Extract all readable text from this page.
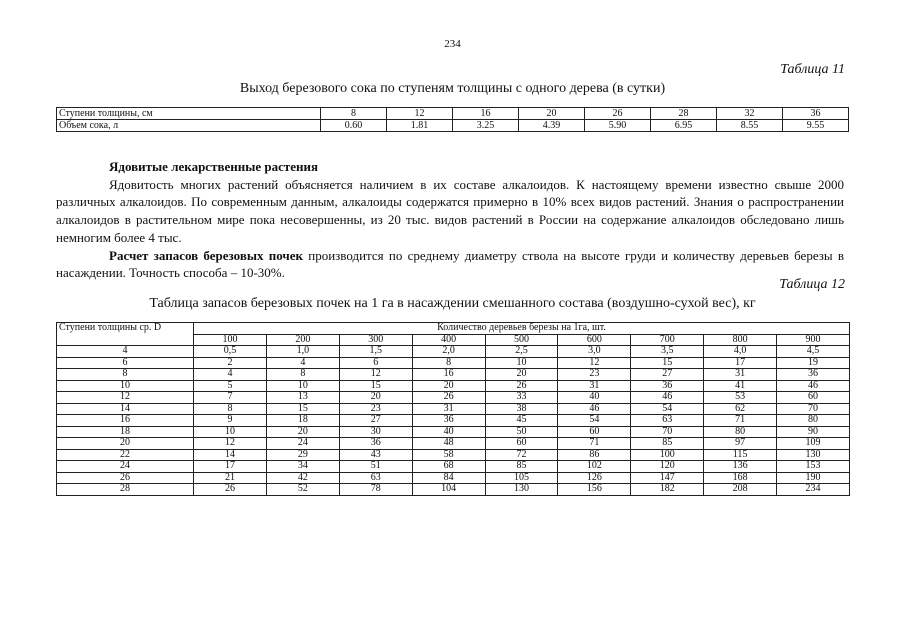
234
Таблица 11
Выход березового сока по ступеням толщины с одного дерева (в сутки)
Ступени толщины, см	8	12	16	20	26	28	32	36
Объем сока, л	0.60	1.81	3.25	4.39	5.90	6.95	8.55	9.55
Ядовитые лекарственные растения

Ядовитость многих растений объясняется наличием в их составе алкалоидов. К настоящему времени известно свыше 2000 различных алкалоидов. По современным данным, алкалоиды содержатся примерно в 10% всех видов растений. Знания о распространении алкалоидов в растительном мире пока несовершенны, из 20 тыс. видов растений в России на содержание алкалоидов обследовано лишь немногим более 4 тыс.

Расчет запасов березовых почек производится по среднему диаметру ствола на высоте груди и количеству деревьев березы в насаждении. Точность способа – 10-30%.

Таблица 12
Таблица запасов березовых почек на 1 га в насаждении смешанного состава (воздушно-сухой вес), кг
Ступени толщины ср. D	Количество деревьев березы на 1га, шт.								
	100	200	300	400	500	600	700	800	900
4	0,5	1,0	1,5	2,0	2,5	3,0	3,5	4,0	4,5
6	2	4	6	8	10	12	15	17	19
8	4	8	12	16	20	23	27	31	36
10	5	10	15	20	26	31	36	41	46
12	7	13	20	26	33	40	46	53	60
14	8	15	23	31	38	46	54	62	70
16	9	18	27	36	45	54	63	71	80
18	10	20	30	40	50	60	70	80	90
20	12	24	36	48	60	71	85	97	109
22	14	29	43	58	72	86	100	115	130
24	17	34	51	68	85	102	120	136	153
26	21	42	63	84	105	126	147	168	190
28	26	52	78	104	130	156	182	208	234
